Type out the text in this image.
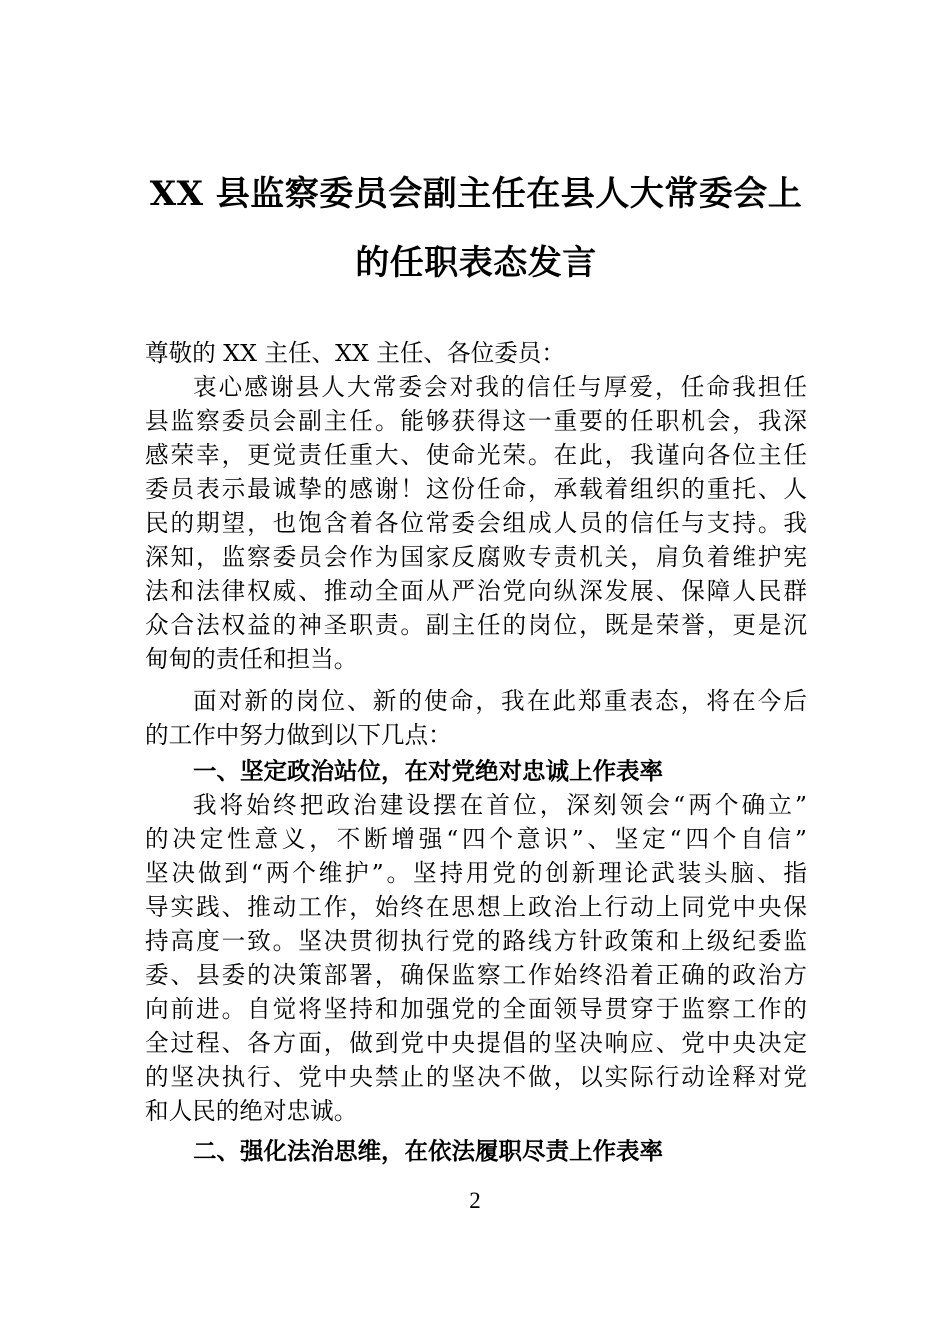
XX 县监察委员会副主任在县人大常委会上
的任职表态发言
尊敬的 XX 主任、XX 主任、各位委员：
衷心感谢县人大常委会对我的信任与厚爱，任命我担任
县监察委员会副主任。能够获得这一重要的任职机会，我深
感荣幸，更觉责任重大、使命光荣。在此，我谨向各位主任
委员表示最诚挚的感谢！这份任命，承载着组织的重托、人
民的期望，也饱含着各位常委会组成人员的信任与支持。我
深知，监察委员会作为国家反腐败专责机关，肩负着维护宪
法和法律权威、推动全面从严治党向纵深发展、保障人民群
众合法权益的神圣职责。副主任的岗位，既是荣誉，更是沉
甸甸的责任和担当。
面对新的岗位、新的使命，我在此郑重表态，将在今后
的工作中努力做到以下几点：
一、坚定政治站位，在对党绝对忠诚上作表率
我将始终把政治建设摆在首位，深刻领会“两个确立”
的决定性意义，不断增强“四个意识”、坚定“四个自信”
坚决做到“两个维护”。坚持用党的创新理论武装头脑、指
导实践、推动工作，始终在思想上政治上行动上同党中央保
持高度一致。坚决贯彻执行党的路线方针政策和上级纪委监
委、县委的决策部署，确保监察工作始终沿着正确的政治方
向前进。自觉将坚持和加强党的全面领导贯穿于监察工作的
全过程、各方面，做到党中央提倡的坚决响应、党中央决定
的坚决执行、党中央禁止的坚决不做，以实际行动诠释对党
和人民的绝对忠诚。
二、强化法治思维，在依法履职尽责上作表率
2
